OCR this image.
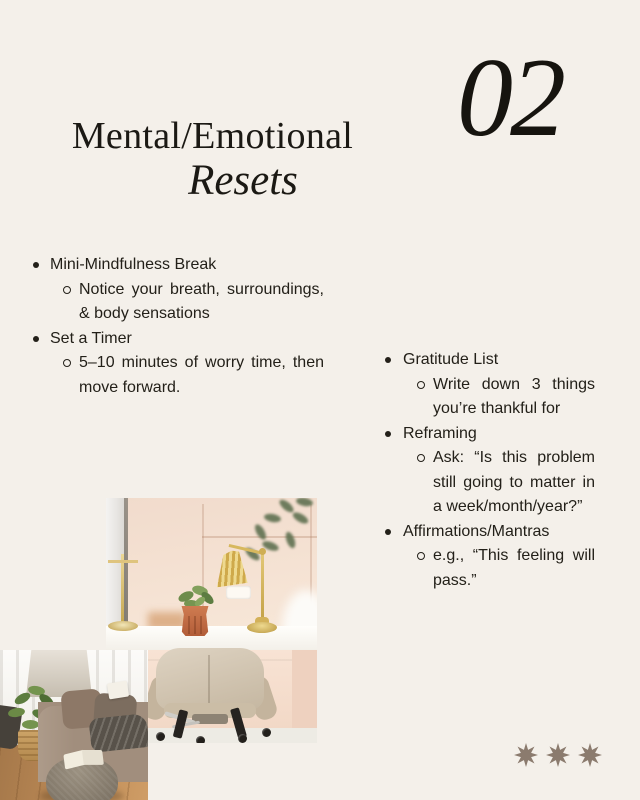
Mental/Emotional
Resets
02
Mini-Mindfulness Break
Notice your breath, surroundings, & body sensations
Set a Timer
5–10 minutes of worry time, then move forward.
Gratitude List
Write down 3 things you’re thankful for
Reframing
Ask: “Is this problem still going to matter in a week/month/year?”
Affirmations/Mantras
e.g., “This feeling will pass.”
